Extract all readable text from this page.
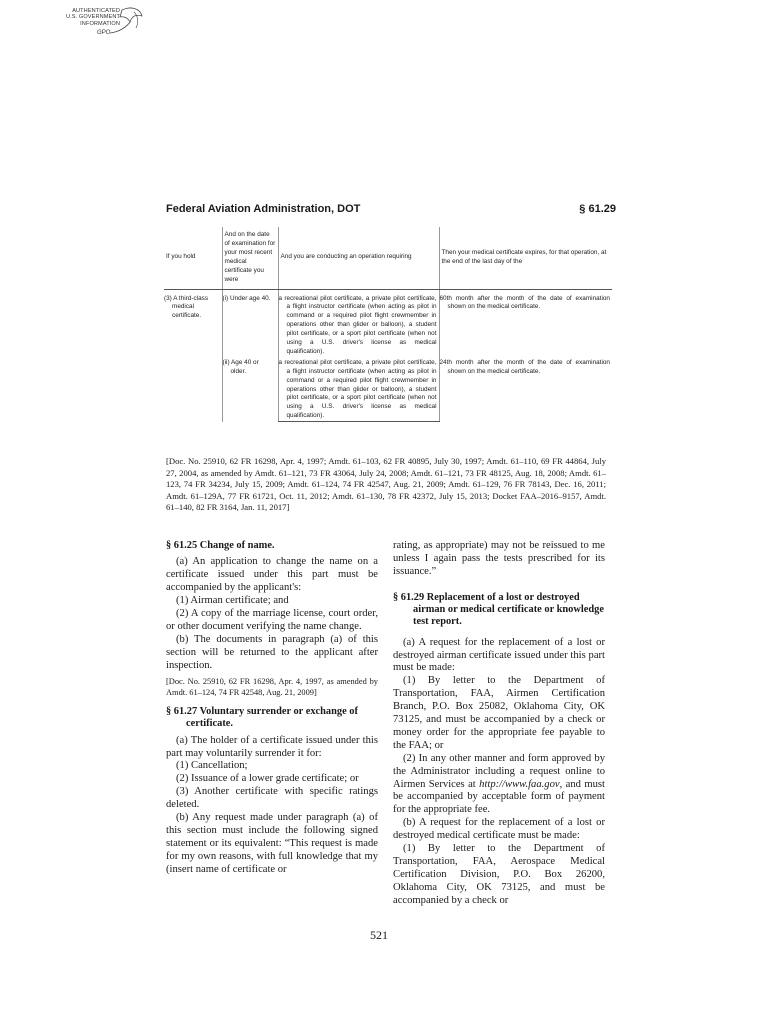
AUTHENTICATED
U.S. GOVERNMENT
INFORMATION
GPO
Federal Aviation Administration, DOT	§ 61.29
If you hold	And on the date of examination for your most recent medical certificate you were	And you are conducting an operation requiring	Then your medical certificate expires, for that operation, at the end of the last day of the
(3) A third-class medical certificate.	(i) Under age 40.	a recreational pilot certificate, a private pilot certificate, a flight instructor certificate (when acting as pilot in command or a required pilot flight crewmember in operations other than glider or balloon), a student pilot certificate, or a sport pilot certificate (when not using a U.S. driver's license as medical qualification).	60th month after the month of the date of examination shown on the medical certificate.
	(ii) Age 40 or older.	a recreational pilot certificate, a private pilot certificate, a flight instructor certificate (when acting as pilot in command or a required pilot flight crewmember in operations other than glider or balloon), a student pilot certificate, or a sport pilot certificate (when not using a U.S. driver's license as medical qualification).	24th month after the month of the date of examination shown on the medical certificate.
[Doc. No. 25910, 62 FR 16298, Apr. 4, 1997; Amdt. 61–103, 62 FR 40895, July 30, 1997; Amdt. 61–110, 69 FR 44864, July 27, 2004, as amended by Amdt. 61–121, 73 FR 43064, July 24, 2008; Amdt. 61–121, 73 FR 48125, Aug. 18, 2008; Amdt. 61–123, 74 FR 34234, July 15, 2009; Amdt. 61–124, 74 FR 42547, Aug. 21, 2009; Amdt. 61–129, 76 FR 78143, Dec. 16, 2011; Amdt. 61–129A, 77 FR 61721, Oct. 11, 2012; Amdt. 61–130, 78 FR 42372, July 15, 2013; Docket FAA–2016–9157, Amdt. 61–140, 82 FR 3164, Jan. 11, 2017]

§ 61.25 Change of name.

(a) An application to change the name on a certificate issued under this part must be accompanied by the applicant's:

(1) Airman certificate; and

(2) A copy of the marriage license, court order, or other document verifying the name change.

(b) The documents in paragraph (a) of this section will be returned to the applicant after inspection.

[Doc. No. 25910, 62 FR 16298, Apr. 4, 1997, as amended by Amdt. 61–124, 74 FR 42548, Aug. 21, 2009]

§ 61.27 Voluntary surrender or exchange of certificate.

(a) The holder of a certificate issued under this part may voluntarily surrender it for:

(1) Cancellation;

(2) Issuance of a lower grade certificate; or

(3) Another certificate with specific ratings deleted.

(b) Any request made under paragraph (a) of this section must include the following signed statement or its equivalent: “This request is made for my own reasons, with full knowledge that my (insert name of certificate or

rating, as appropriate) may not be reissued to me unless I again pass the tests prescribed for its issuance.”

§ 61.29 Replacement of a lost or destroyed airman or medical certificate or knowledge test report.

(a) A request for the replacement of a lost or destroyed airman certificate issued under this part must be made:

(1) By letter to the Department of Transportation, FAA, Airmen Certification Branch, P.O. Box 25082, Oklahoma City, OK 73125, and must be accompanied by a check or money order for the appropriate fee payable to the FAA; or

(2) In any other manner and form approved by the Administrator including a request online to Airmen Services at http://www.faa.gov, and must be accompanied by acceptable form of payment for the appropriate fee.

(b) A request for the replacement of a lost or destroyed medical certificate must be made:

(1) By letter to the Department of Transportation, FAA, Aerospace Medical Certification Division, P.O. Box 26200, Oklahoma City, OK 73125, and must be accompanied by a check or

521
